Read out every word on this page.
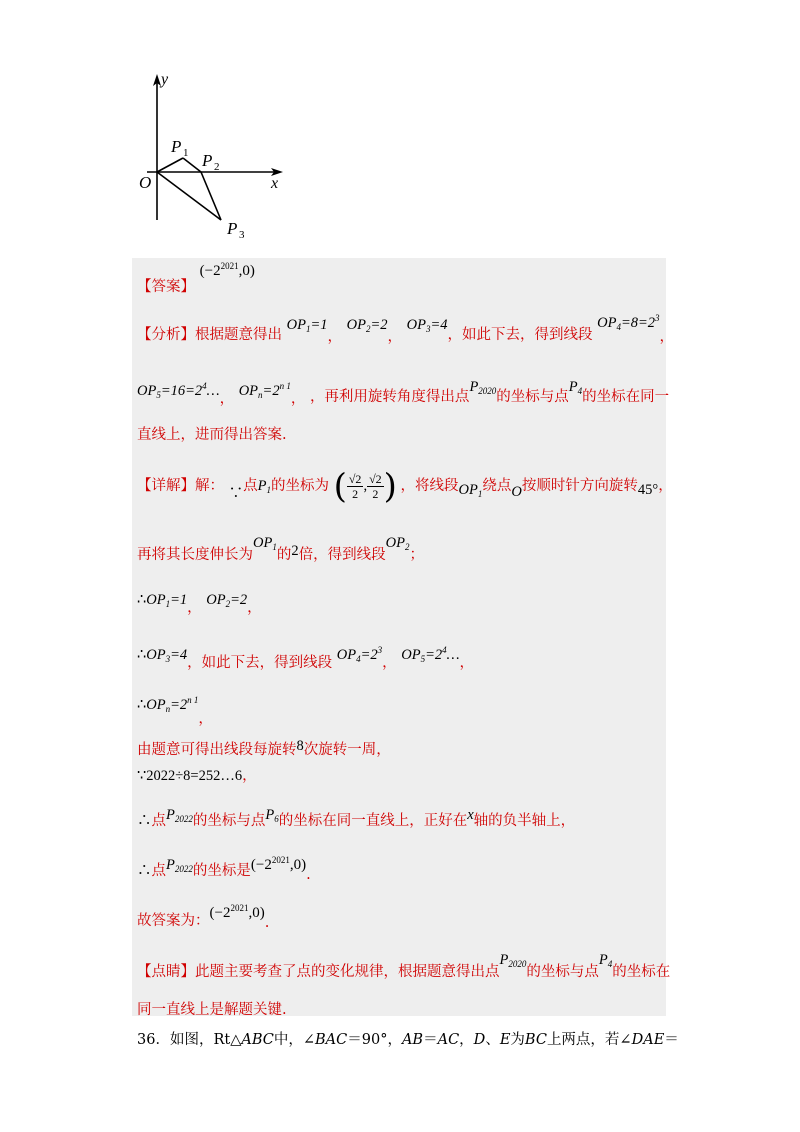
y
x
O
P 1 P 2
P 3
【答案】 $(-2^{2021},0)$
【分析】根据题意得出 $OP_1=1$， $OP_2=2$， $OP_3=4$，如此下去，得到线段 $OP_4=8=2^3$，
$OP_5=16=2^4\dots$， $OP_n=2^{n 1}$， ，再利用旋转角度得出点$P_{2020}$的坐标与点$P_4$的坐标在同一
直线上，进而得出答案.
【详解】解： ∵点$P_1$的坐标为 ( $\frac{√2}{2}$ , $\frac{√2}{2}$ ) ，将线段$OP_1$绕点O按顺时针方向旋转45°，
再将其长度伸长为$OP_1$的2倍，得到线段$OP_2$；
$\therefore OP_1=1$， $OP_2=2$，
$\therefore OP_3=4$，如此下去，得到线段 $OP_4=2^3$， $OP_5=2^4\dots$，
$\therefore OP_n=2^{n 1}$，
由题意可得出线段每旋转8次旋转一周，
∵2022÷8=252…6，
∴点$P_{2022}$的坐标与点$P_6$的坐标在同一直线上，正好在x轴的负半轴上，
∴点$P_{2022}$的坐标是$(-2^{2021},0)$.
故答案为：$(-2^{2021},0)$.
【点睛】此题主要考查了点的变化规律，根据题意得出点$P_{2020}$的坐标与点$P_4$的坐标在
同一直线上是解题关键.
36．如图，Rt△ABC中，∠BAC＝90°，AB＝AC，D、E为BC上两点，若∠DAE＝
